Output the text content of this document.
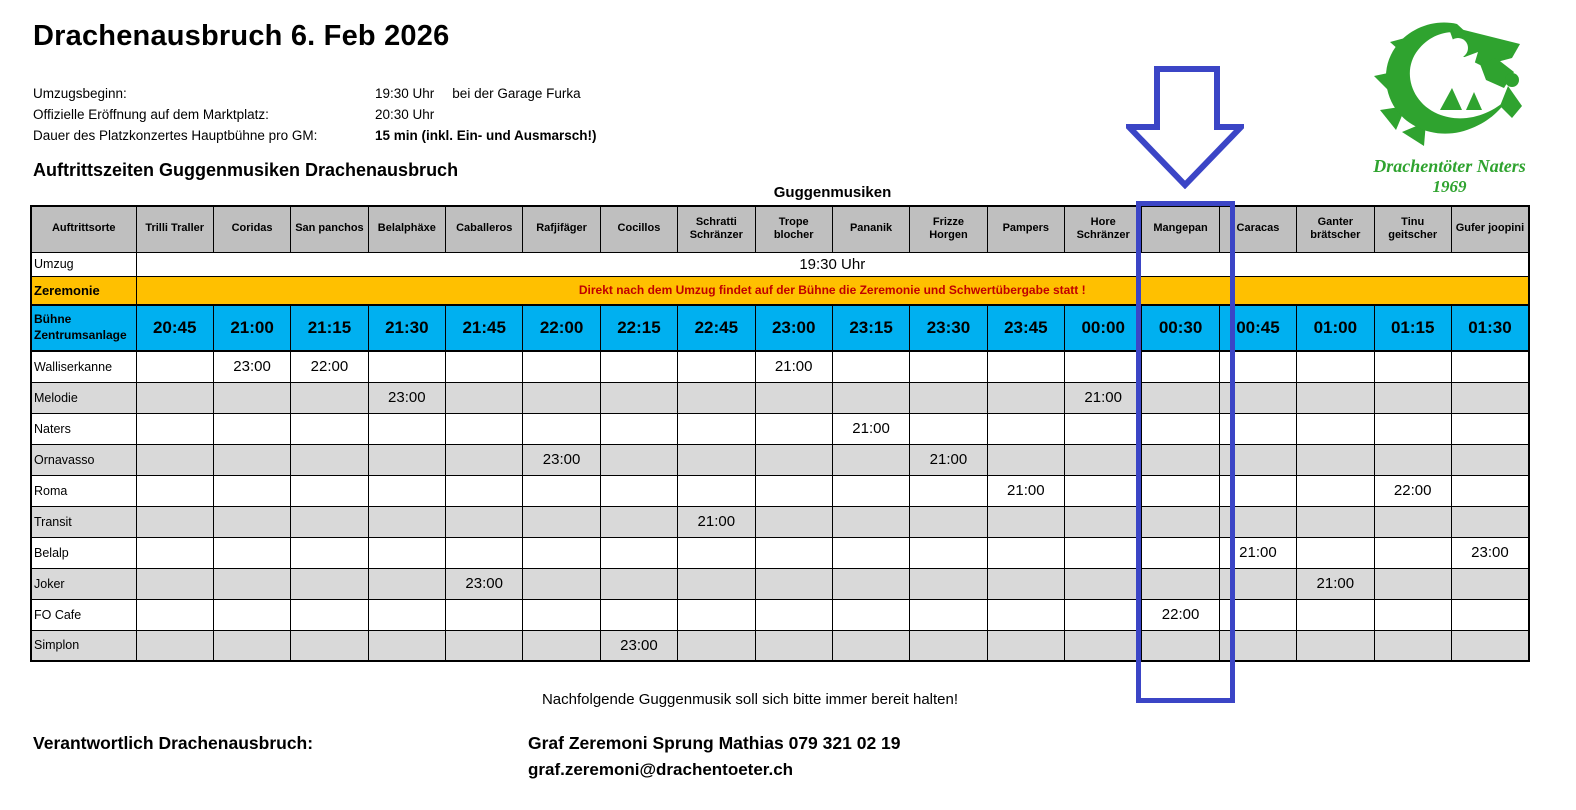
Drachenausbruch 6. Feb 2026
Umzugsbeginn:	19:30 Uhr bei der Garage Furka
Offizielle Eröffnung auf dem Marktplatz:	20:30 Uhr
Dauer des Platzkonzertes Hauptbühne pro GM:	15 min (inkl. Ein- und Ausmarsch!)
Auftrittszeiten Guggenmusiken Drachenausbruch
Guggenmusiken
Drachentöter Naters
1969
Auftrittsorte	Trilli Traller	Coridas	San panchos	Belalphäxe	Caballeros	Rafjifäger	Cocillos	Schratti Schränzer	Trope blocher	Pananik	Frizze Horgen	Pampers	Hore Schränzer	Mangepan	Caracas	Ganter brätscher	Tinu geitscher	Gufer joopini
Umzug	19:30 Uhr																	
Zeremonie	Direkt nach dem Umzug findet auf der Bühne die Zeremonie und Schwertübergabe statt !																	
Bühne Zentrumsanlage	20:45	21:00	21:15	21:30	21:45	22:00	22:15	22:45	23:00	23:15	23:30	23:45	00:00	00:30	00:45	01:00	01:15	01:30
Walliserkanne		23:00	22:00						21:00									
Melodie				23:00									21:00					
Naters										21:00								
Ornavasso						23:00					21:00							
Roma												21:00					22:00	
Transit								21:00										
Belalp															21:00			23:00
Joker					23:00											21:00		
FO Cafe														22:00				
Simplon							23:00											
Nachfolgende Guggenmusik soll sich bitte immer bereit halten!
Verantwortlich Drachenausbruch:	Graf Zeremoni Sprung Mathias 079 321 02 19
graf.zeremoni@drachentoeter.ch
